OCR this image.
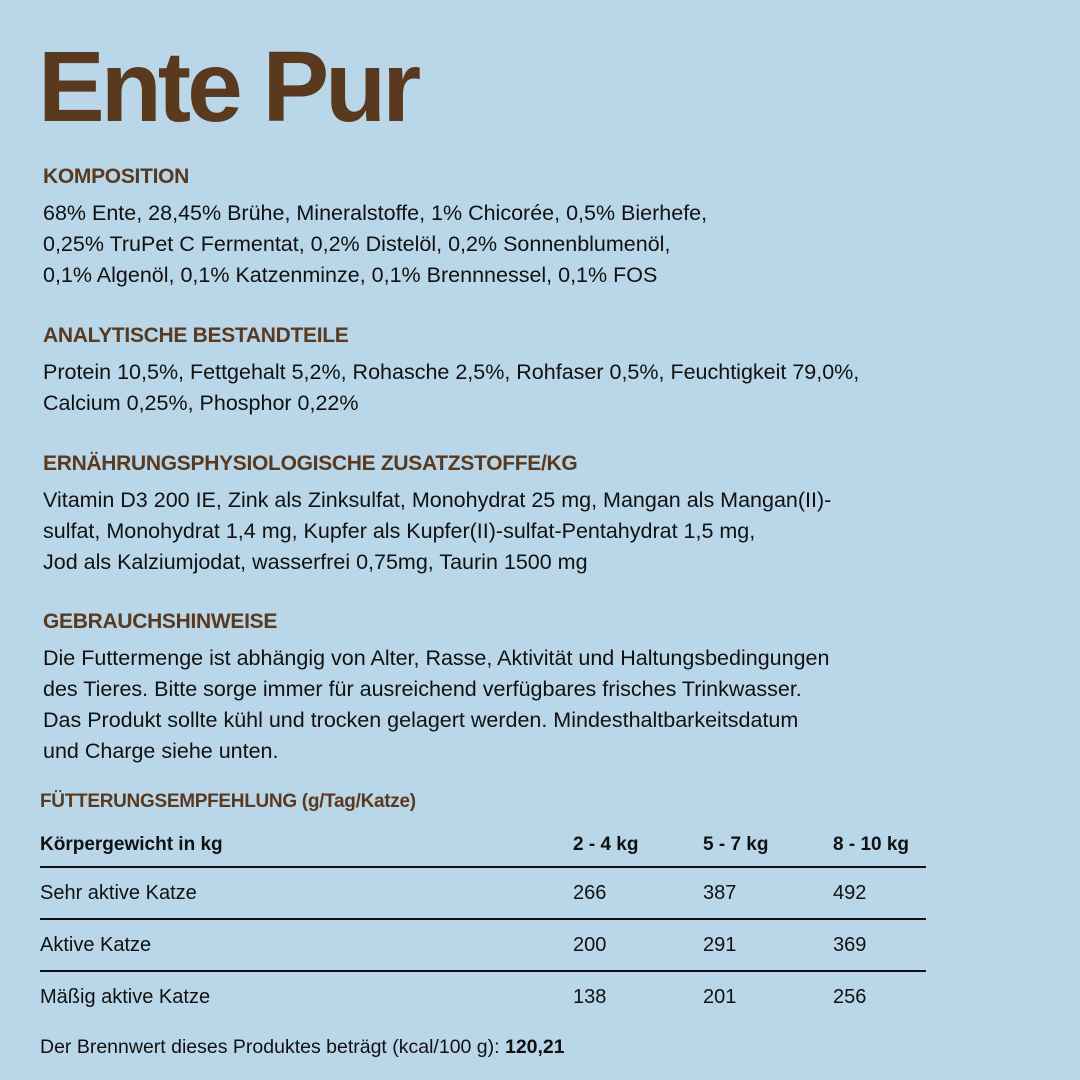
Ente Pur
KOMPOSITION

68% Ente, 28,45% Brühe, Mineralstoffe, 1% Chicorée, 0,5% Bierhefe,
0,25% TruPet C Fermentat, 0,2% Distelöl, 0,2% Sonnenblumenöl,
0,1% Algenöl, 0,1% Katzenminze, 0,1% Brennnessel, 0,1% FOS

ANALYTISCHE BESTANDTEILE

Protein 10,5%, Fettgehalt 5,2%, Rohasche 2,5%, Rohfaser 0,5%, Feuchtigkeit 79,0%,
Calcium 0,25%, Phosphor 0,22%

ERNÄHRUNGSPHYSIOLOGISCHE ZUSATZSTOFFE/KG

Vitamin D3 200 IE, Zink als Zinksulfat, Monohydrat 25 mg, Mangan als Mangan(II)-
sulfat, Monohydrat 1,4 mg, Kupfer als Kupfer(II)-sulfat-Pentahydrat 1,5 mg,
Jod als Kalziumjodat, wasserfrei 0,75mg, Taurin 1500 mg

GEBRAUCHSHINWEISE

Die Futtermenge ist abhängig von Alter, Rasse, Aktivität und Haltungsbedingungen
des Tieres. Bitte sorge immer für ausreichend verfügbares frisches Trinkwasser.
Das Produkt sollte kühl und trocken gelagert werden. Mindesthaltbarkeitsdatum
und Charge siehe unten.

FÜTTERUNGSEMPFEHLUNG (g/Tag/Katze)
Körpergewicht in kg	2 - 4 kg	5 - 7 kg	8 - 10 kg
Sehr aktive Katze	266	387	492
Aktive Katze	200	291	369
Mäßig aktive Katze	138	201	256

Der Brennwert dieses Produktes beträgt (kcal/100 g): 120,21
